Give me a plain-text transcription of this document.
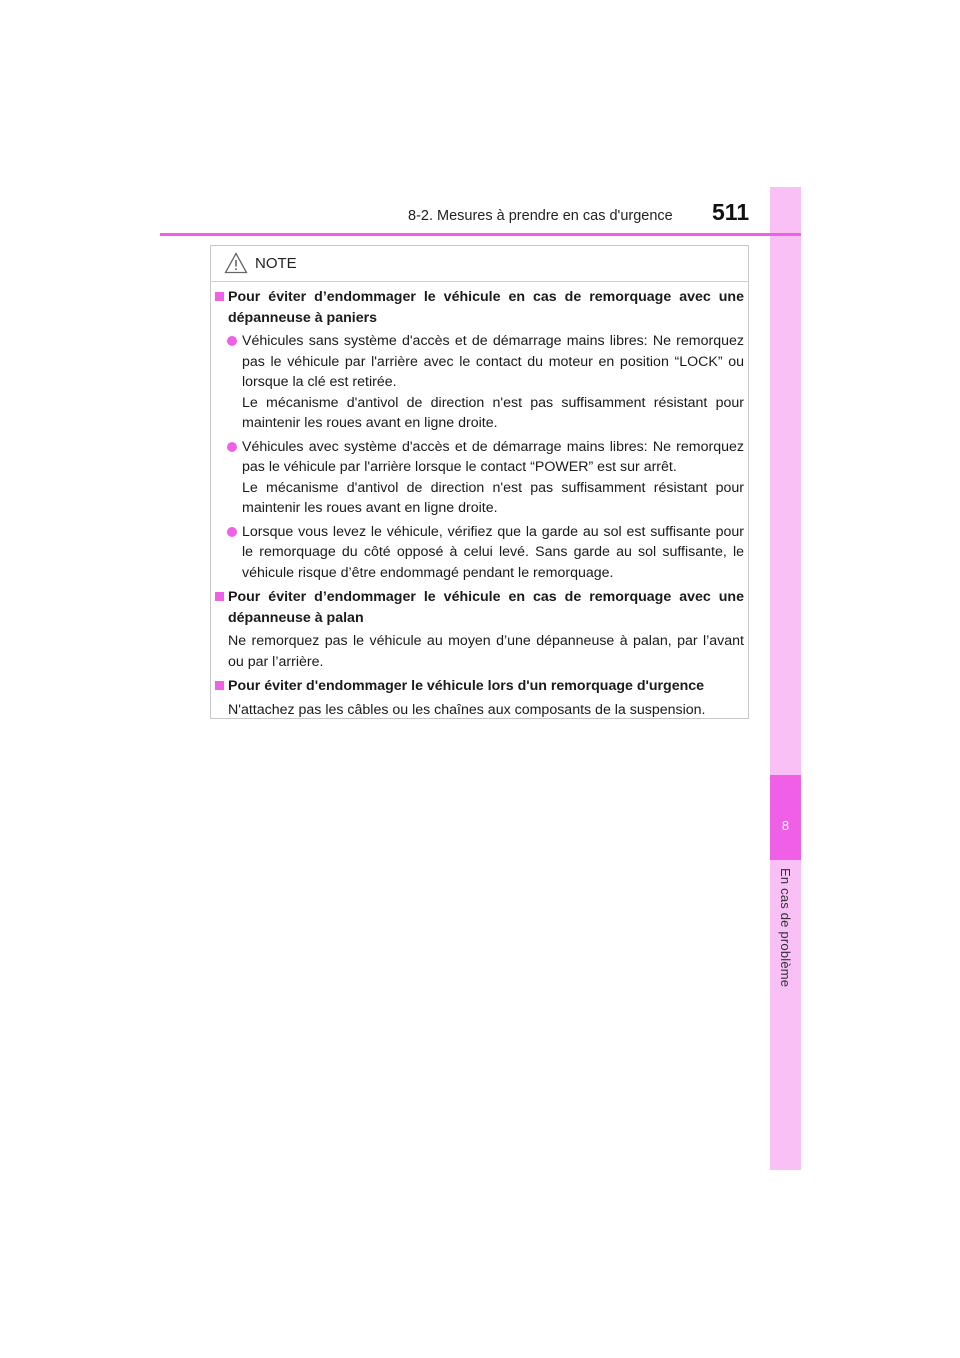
8
En cas de problème
8-2. Mesures à prendre en cas d'urgence 511
NOTE
Pour éviter d’endommager le véhicule en cas de remorquage avec une dépanneuse à paniers

Véhicules sans système d'accès et de démarrage mains libres: Ne remorquez pas le véhicule par l'arrière avec le contact du moteur en position “LOCK” ou lorsque la clé est retirée.

Le mécanisme d'antivol de direction n'est pas suffisamment résistant pour maintenir les roues avant en ligne droite.

Véhicules avec système d'accès et de démarrage mains libres: Ne remorquez pas le véhicule par l'arrière lorsque le contact “POWER” est sur arrêt.

Le mécanisme d'antivol de direction n'est pas suffisamment résistant pour maintenir les roues avant en ligne droite.

Lorsque vous levez le véhicule, vérifiez que la garde au sol est suffisante pour le remorquage du côté opposé à celui levé. Sans garde au sol suffisante, le véhicule risque d’être endommagé pendant le remorquage.

Pour éviter d’endommager le véhicule en cas de remorquage avec une dépanneuse à palan

Ne remorquez pas le véhicule au moyen d’une dépanneuse à palan, par l’avant ou par l’arrière.

Pour éviter d'endommager le véhicule lors d'un remorquage d'urgence

N'attachez pas les câbles ou les chaînes aux composants de la suspension.
